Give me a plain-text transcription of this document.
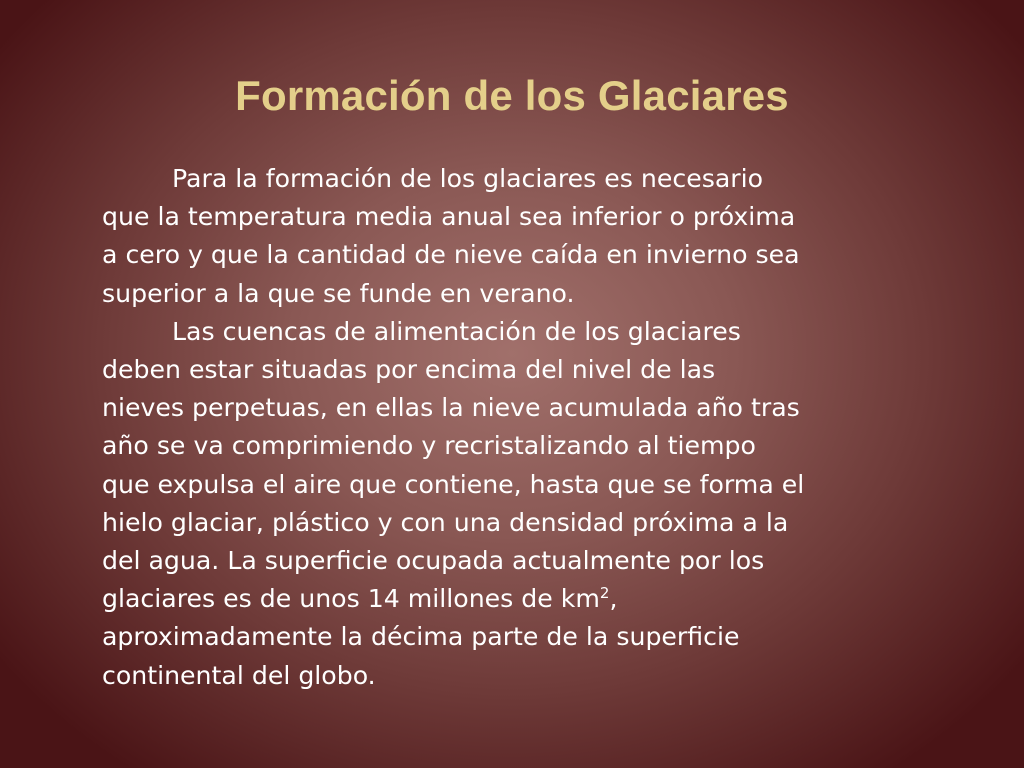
Formación de los Glaciares
Para la formación de los glaciares es necesario
que la temperatura media anual sea inferior o próxima
a cero y que la cantidad de nieve caída en invierno sea
superior a la que se funde en verano.
Las cuencas de alimentación de los glaciares
deben estar situadas por encima del nivel de las
nieves perpetuas, en ellas la nieve acumulada año tras
año se va comprimiendo y recristalizando al tiempo
que expulsa el aire que contiene, hasta que se forma el
hielo glaciar, plástico y con una densidad próxima a la
del agua. La superficie ocupada actualmente por los
glaciares es de unos 14 millones de $km^2$,
aproximadamente la décima parte de la superficie
continental del globo.
